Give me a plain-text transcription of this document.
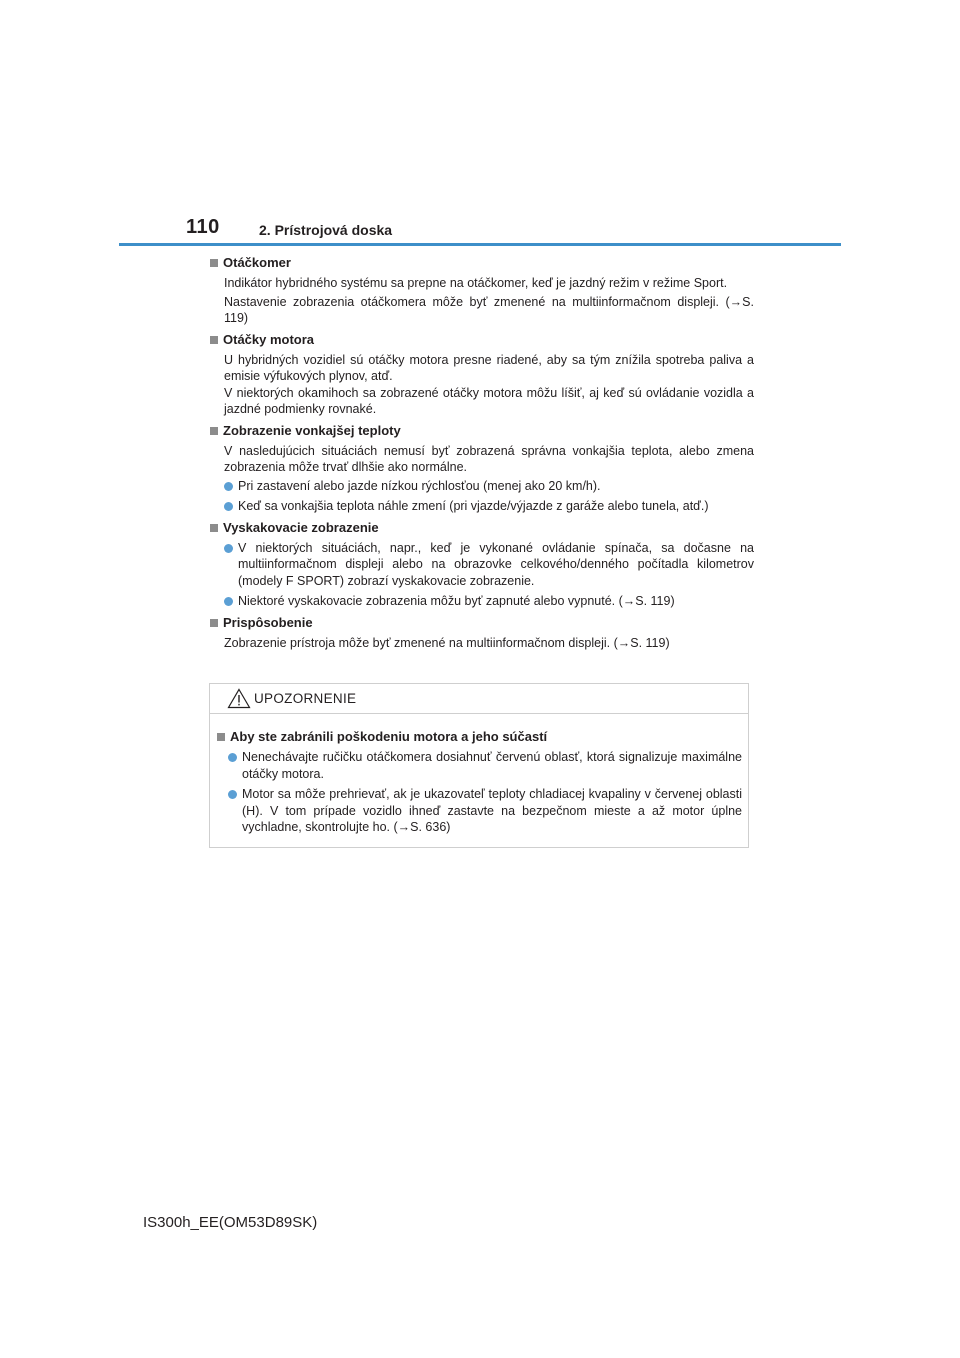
110	2. Prístrojová doska
Otáčkomer
Indikátor hybridného systému sa prepne na otáčkomer, keď je jazdný režim v režime Sport.
Nastavenie zobrazenia otáčkomera môže byť zmenené na multiinformačnom displeji. (→S. 119)
Otáčky motora
U hybridných vozidiel sú otáčky motora presne riadené, aby sa tým znížila spotreba paliva a emisie výfukových plynov, atď.
V niektorých okamihoch sa zobrazené otáčky motora môžu líšiť, aj keď sú ovládanie vozidla a jazdné podmienky rovnaké.
Zobrazenie vonkajšej teploty
V nasledujúcich situáciách nemusí byť zobrazená správna vonkajšia teplota, alebo zmena zobrazenia môže trvať dlhšie ako normálne.
Pri zastavení alebo jazde nízkou rýchlosťou (menej ako 20 km/h).
Keď sa vonkajšia teplota náhle zmení (pri vjazde/výjazde z garáže alebo tunela, atď.)
Vyskakovacie zobrazenie
V niektorých situáciách, napr., keď je vykonané ovládanie spínača, sa dočasne na multiinformačnom displeji alebo na obrazovke celkového/denného počítadla kilometrov (modely F SPORT) zobrazí vyskakovacie zobrazenie.
Niektoré vyskakovacie zobrazenia môžu byť zapnuté alebo vypnuté. (→S. 119)
Prispôsobenie
Zobrazenie prístroja môže byť zmenené na multiinformačnom displeji. (→S. 119)
UPOZORNENIE
Aby ste zabránili poškodeniu motora a jeho súčastí
Nenechávajte ručičku otáčkomera dosiahnuť červenú oblasť, ktorá signalizuje maximálne otáčky motora.
Motor sa môže prehrievať, ak je ukazovateľ teploty chladiacej kvapaliny v červenej oblasti (H). V tom prípade vozidlo ihneď zastavte na bezpečnom mieste a až motor úplne vychladne, skontrolujte ho. (→S. 636)
IS300h_EE(OM53D89SK)
